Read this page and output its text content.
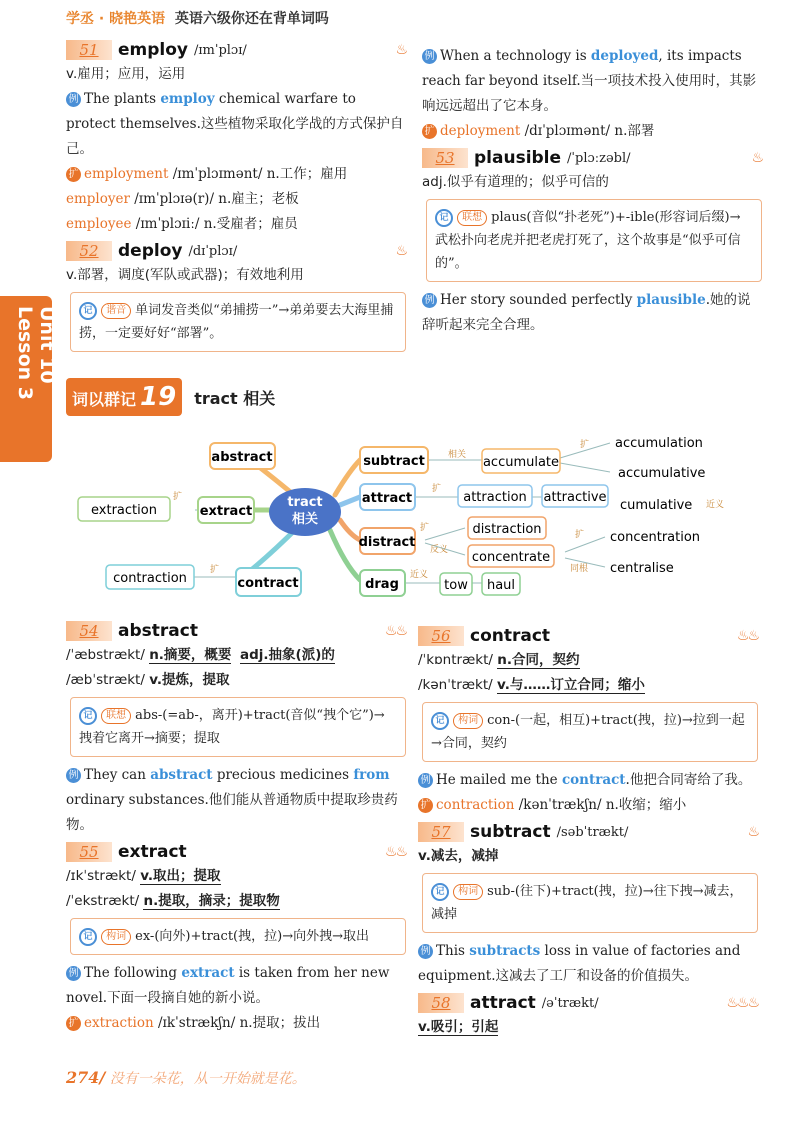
学丞 · 晓艳英语 英语六级你还在背单词吗
Unit 10 Lesson 3
51	employ /ɪmˈplɔɪ/	♨
v.雇用；应用，运用
例 The plants employ chemical warfare to protect themselves.这些植物采取化学战的方式保护自己。
扩 employment /ɪmˈplɔɪmənt/ n.工作；雇用
employer /ɪmˈplɔɪə(r)/ n.雇主；老板
employee /ɪmˈplɔɪiː/ n.受雇者；雇员
52	deploy /dɪˈplɔɪ/	♨
v.部署，调度(军队或武器)；有效地利用
记 谐音 单词发音类似“弟捕捞一”→弟弟要去大海里捕捞，一定要好好“部署”。
例 When a technology is deployed, its impacts reach far beyond itself.当一项技术投入使用时，其影响远远超出了它本身。
扩 deployment /dɪˈplɔɪmənt/ n.部署
53	plausible /ˈplɔːzəbl/	♨
adj.似乎有道理的；似乎可信的
记 联想 plaus(音似“扑老死”)+-ible(形容词后缀)→武松扑向老虎并把老虎打死了，这个故事是“似乎可信的”。
例 Her story sounded perfectly plausible.她的说辞听起来完全合理。
词以群记 19	tract 相关
tract
相关
abstract
extract
contract
subtract
attract
distract
drag
extraction
contraction
accumulate
accumulation
accumulative
cumulative
attraction attractive
distraction
concentrate
concentration
centralise
tow haul
扩
扩
相关
扩
扩
近义
反义
扩
扩
同根
近义
54	abstract	♨♨
/ˈæbstrækt/ n.摘要，概要 adj.抽象(派)的
/æbˈstrækt/ v.提炼，提取
记 联想 abs-(=ab-，离开)+tract(音似“拽个它”)→拽着它离开→摘要；提取
例 They can abstract precious medicines from ordinary substances.他们能从普通物质中提取珍贵药物。
55	extract	♨♨
/ɪkˈstrækt/ v.取出；提取
/ˈekstrækt/ n.提取，摘录；提取物
记 构词 ex-(向外)+tract(拽，拉)→向外拽→取出
例 The following extract is taken from her new novel.下面一段摘自她的新小说。
扩 extraction /ɪkˈstrækʃn/ n.提取；拔出
56	contract	♨♨
/ˈkɒntrækt/ n.合同，契约
/kənˈtrækt/ v.与……订立合同；缩小
记 构词 con-(一起，相互)+tract(拽，拉)→拉到一起→合同，契约
例 He mailed me the contract.他把合同寄给了我。
扩 contraction /kənˈtrækʃn/ n.收缩；缩小
57	subtract /səbˈtrækt/	♨
v.减去，减掉
记 构词 sub-(往下)+tract(拽，拉)→往下拽→减去，减掉
例 This subtracts loss in value of factories and equipment.这减去了工厂和设备的价值损失。
58	attract /əˈtrækt/	♨♨♨
v.吸引；引起
274/ 没有一朵花，从一开始就是花。
